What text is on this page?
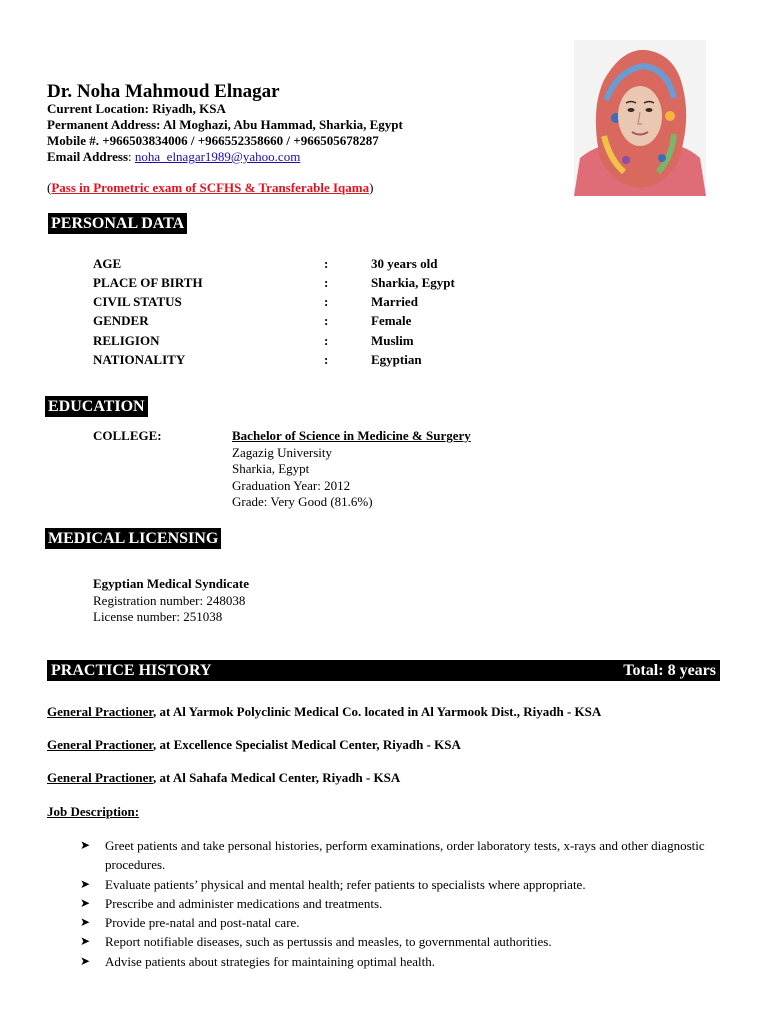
Dr. Noha Mahmoud Elnagar
Current Location: Riyadh, KSA
Permanent Address: Al Moghazi, Abu Hammad, Sharkia, Egypt
Mobile #. +966503834006 / +966552358660 / +966505678287
Email Address: noha_elnagar1989@yahoo.com
(Pass in Prometric exam of SCFHS & Transferable Iqama)
PERSONAL DATA
AGE	:	30 years old
PLACE OF BIRTH	:	Sharkia, Egypt
CIVIL STATUS	:	Married
GENDER	:	Female
RELIGION	:	Muslim
NATIONALITY	:	Egyptian
EDUCATION
COLLEGE:	Bachelor of Science in Medicine & Surgery
Zagazig University
Sharkia, Egypt
Graduation Year: 2012
Grade: Very Good (81.6%)
MEDICAL LICENSING
Egyptian Medical Syndicate
Registration number: 248038
License number: 251038
PRACTICE HISTORY	Total: 8 years
General Practioner, at Al Yarmok Polyclinic Medical Co. located in Al Yarmook Dist., Riyadh - KSA
General Practioner, at Excellence Specialist Medical Center, Riyadh - KSA
General Practioner, at Al Sahafa Medical Center, Riyadh - KSA
Job Description:
➤ Greet patients and take personal histories, perform examinations, order laboratory tests, x-rays and other diagnostic procedures.
➤ Evaluate patients’ physical and mental health; refer patients to specialists where appropriate.
➤ Prescribe and administer medications and treatments.
➤ Provide pre-natal and post-natal care.
➤ Report notifiable diseases, such as pertussis and measles, to governmental authorities.
➤ Advise patients about strategies for maintaining optimal health.
